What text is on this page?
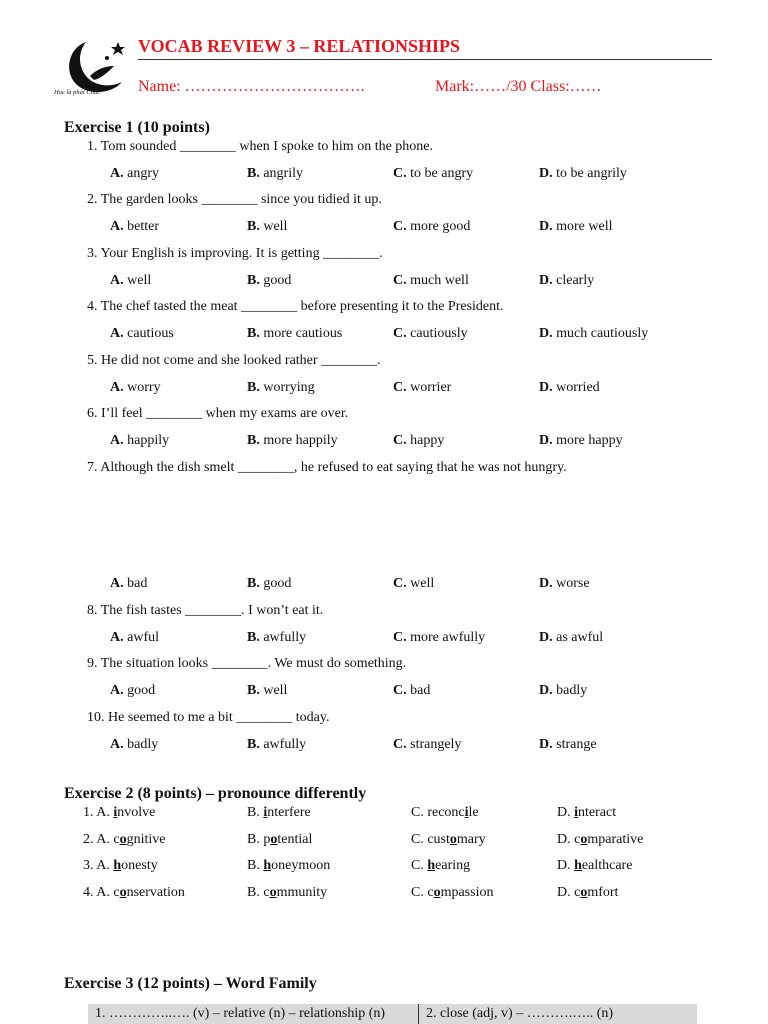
Học là phải Chất!
VOCAB REVIEW 3 – RELATIONSHIPS
Name: …………………………….	Mark:……/30 Class:……
Exercise 1 (10 points)
1. Tom sounded ________ when I spoke to him on the phone.
A. angry	B. angrily	C. to be angry	D. to be angrily
2. The garden looks ________ since you tidied it up.
A. better	B. well	C. more good	D. more well
3. Your English is improving. It is getting ________.
A. well	B. good	C. much well	D. clearly
4. The chef tasted the meat ________ before presenting it to the President.
A. cautious	B. more cautious	C. cautiously	D. much cautiously
5. He did not come and she looked rather ________.
A. worry	B. worrying	C. worrier	D. worried
6. I’ll feel ________ when my exams are over.
A. happily	B. more happily	C. happy	D. more happy
7. Although the dish smelt ________, he refused to eat saying that he was not hungry.
A. bad	B. good	C. well	D. worse
8. The fish tastes ________. I won’t eat it.
A. awful	B. awfully	C. more awfully	D. as awful
9. The situation looks ________. We must do something.
A. good	B. well	C. bad	D. badly
10. He seemed to me a bit ________ today.
A. badly	B. awfully	C. strangely	D. strange
Exercise 2 (8 points) – pronounce differently
1. A. involve	B. interfere	C. reconcile	D. interact
2. A. cognitive	B. potential	C. customary	D. comparative
3. A. honesty	B. honeymoon	C. hearing	D. healthcare
4. A. conservation	B. community	C. compassion	D. comfort
Exercise 3 (12 points) – Word Family
1. …………..…. (v) – relative (n) – relationship (n)	2. close (adj, v) – ……….….. (n)
